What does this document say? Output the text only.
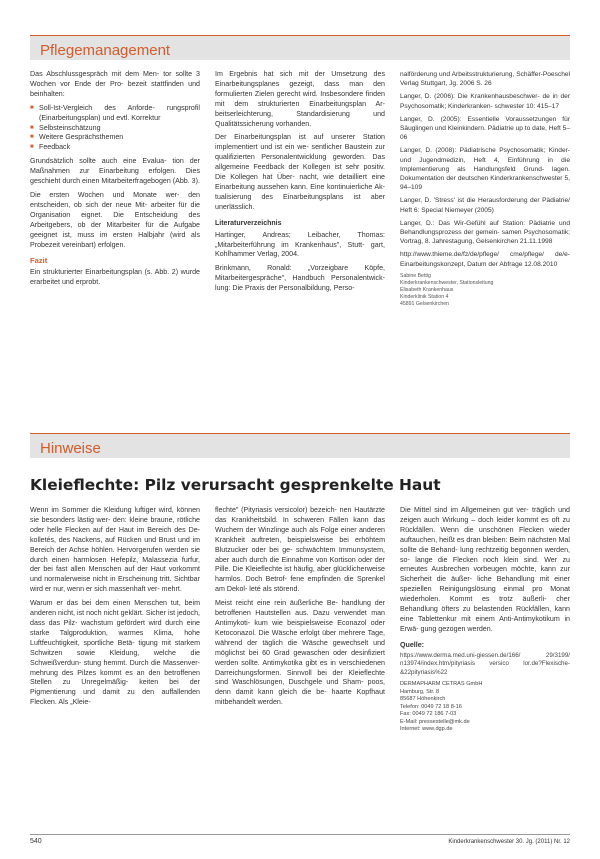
Pflegemanagement

Das Abschlussgespräch mit dem Men- tor sollte 3 Wochen vor Ende der Pro- bezeit stattfinden und beinhalten:

■ Soll-Ist-Vergleich des Anforde- rungsprofil (Einarbeitungsplan) und evtl. Korrektur
■ Selbsteinschätzung
■ Weitere Gesprächsthemen
■ Feedback

Grundsätzlich sollte auch eine Evalua- tion der Maßnahmen zur Einarbeitung erfolgen. Dies geschieht durch einen Mitarbeiterfragebogen (Abb. 3).

Die ersten Wochen und Monate wer- den entscheiden, ob sich der neue Mit- arbeiter für die Organisation eignet. Die Entscheidung des Arbeitgebers, ob der Mitarbeiter für die Aufgabe geeignet ist, muss im ersten Halbjahr (wird als Probezeit vereinbart) erfolgen.

Fazit

Ein strukturierter Einarbeitungsplan (s. Abb. 2) wurde erarbeitet und erprobt.

Im Ergebnis hat sich mit der Umsetzung des Einarbeitungsplanes gezeigt, dass man den formulierten Zielen gerecht wird. Insbesondere finden mit dem strukturierten Einarbeitungsplan Ar- beitserleichterung, Standardisierung und Qualitätssicherung vorhanden.

Der Einarbeitungsplan ist auf unserer Station implementiert und ist ein we- sentlicher Baustein zur qualifizierten Personalentwicklung geworden. Das allgemeine Feedback der Kollegen ist sehr positiv. Die Kollegen hat Über- nacht, wie detailliert eine Einarbeitung aussehen kann. Eine kontinuierliche Ak- tualisierung des Einarbeitungsplans ist aber unerlässlich.

Literaturverzeichnis

Hartinger, Andreas; Leibacher, Thomas: „Mitarbeiterführung im Krankenhaus", Stutt- gart, Kohlhammer Verlag, 2004.

Brinkmann, Ronald: „Vorzeigbare Köpfe, Mitarbeitergespräche", Handbuch Personalentwick- lung: Die Praxis der Personalbildung, Perso-

nalförderung und Arbeitsstrukturierung, Schäffer-Poeschel Verlag Stuttgart, Jg. 2006 S. 26

Langer, D. (2006): Die Krankenhausbeschwer- de in der Psychosomatik; Kinderkranken- schwester 10: 415–17

Langer, D. (2005): Essentielle Voraussetzungen für Säuglingen und Kleinkindern. Pädiatrie up to date, Heft 5–06

Langer, D. (2008): Pädiatrische Psychosomatik; Kinder- und Jugendmedizin, Heft 4, Einführung in die Implementierung als Handlungsfeld Grund- lagen. Dokumentation der deutschen Kinderkrankenschwester 5, 94–109

Langer, D. 'Stress' ist die Herausforderung der Pädiatrie/ Heft 6: Special Niemeyer (2005)

Langer, D.: Das Wir-Gefühl auf Station: Pädiatrie und Behandlungsprozess der gemein- samen Psychosomatik; Vortrag, 8. Jahrestagung, Gelsenkirchen 21.11.1998

http://www.thieme.de/fz/de/pflege/ cme/pflege/ de/e-Einarbeitungskonzept, Datum der Abfrage 12.08.2010

Sabine Bettig
Kinderkrankenschwester, Stationsleitung
Elisabeth Krankenhaus
Kinderklinik Station 4
45891 Gelsenkirchen
Hinweise
Kleieflechte: Pilz verursacht gesprenkelte Haut

Wenn im Sommer die Kleidung luftiger wird, können sie besonders lästig wer- den: kleine braune, rötliche oder helle Flecken auf der Haut im Bereich des De- kolletés, des Nackens, auf Rücken und Brust und im Bereich der Achse höhlen. Hervorgerufen werden sie durch einen harmlosen Hefepilz, Malassezia furfur, der bei fast allen Menschen auf der Haut vorkommt und normalerweise nicht in Erscheinung tritt. Sichtbar wird er nur, wenn er sich massenhaft ver- mehrt.

Warum er das bei dem einen Menschen tut, beim anderen nicht, ist noch nicht geklärt. Sicher ist jedoch, dass das Pilz- wachstum gefördert wird durch eine starke Talgproduktion, warmes Klima, hohe Luftfeuchtigkeit, sportliche Betä- tigung mit starkem Schwitzen sowie Kleidung, welche die Schweißverdun- stung hemmt. Durch die Massenver- mehrung des Pilzes kommt es an den betroffenen Stellen zu Unregelmäßig- keiten bei der Pigmentierung und damit zu den auffallenden Flecken. Als „Kleie-

flechte" (Pityriasis versicolor) bezeich- nen Hautärzte das Krankheitsbild. In schweren Fällen kann das Wuchern der Winzlinge auch als Folge einer anderen Krankheit auftreten, beispielsweise bei erhöhtem Blutzucker oder bei ge- schwächtem Immunsystem, aber auch durch die Einnahme von Kortison oder der Pille. Die Kleieflechte ist häufig, aber glücklicherweise harmlos. Doch Betrof- fene empfinden die Sprenkel am Dekol- leté als störend.

Meist reicht eine rein äußerliche Be- handlung der betroffenen Hautstellen aus. Dazu verwendet man Antimykoti- kum wie beispielsweise Econazol oder Ketoconazol. Die Wäsche erfolgt über mehrere Tage, während der täglich die Wäsche gewechselt und möglichst bei 60 Grad gewaschen oder desinfiziert werden sollte. Antimykotika gibt es in verschiedenen Darreichungsformen. Sinnvoll bei der Kleieflechte sind Waschlösungen, Duschgele und Sham- poos, denn damit kann gleich die be- haarte Kopfhaut mitbehandelt werden.

Die Mittel sind im Allgemeinen gut ver- träglich und zeigen auch Wirkung – doch leider kommt es oft zu Rückfällen. Wenn die unschönen Flecken wieder auftauchen, heißt es dran bleiben: Beim nächsten Mal sollte die Behand- lung rechtzeitig begonnen werden, so- lange die Flecken noch klein sind. Wer zu erneutes Ausbrechen vorbeugen möchte, kann zur Sicherheit die äußer- liche Behandlung mit einer speziellen Reinigungslösung einmal pro Monat wiederholen. Kommt es trotz äußerli- cher Behandlung öfters zu belastenden Rückfällen, kann eine Tablettenkur mit einem Anti-Antimykotikum in Erwä- gung gezogen werden.

Quelle:

https://www.derma.med.uni-giessen.de/166/ 29/3199/ n13974/index.htm/pityriasis versico lor.de?Flexische-&22pityriasis%22

DERMAPHARM CETRAS GmbH
Hamburg, Str. 8
85687 Höhenkirch
Telefon: 0049 72 18 8-16
Fax: 0049 72 186 7-03
E-Mail: pressestelle@mk.de
Internet: www.dgp.de
540	Kinderkrankenschwester 30. Jg. (2011) Nr. 12
